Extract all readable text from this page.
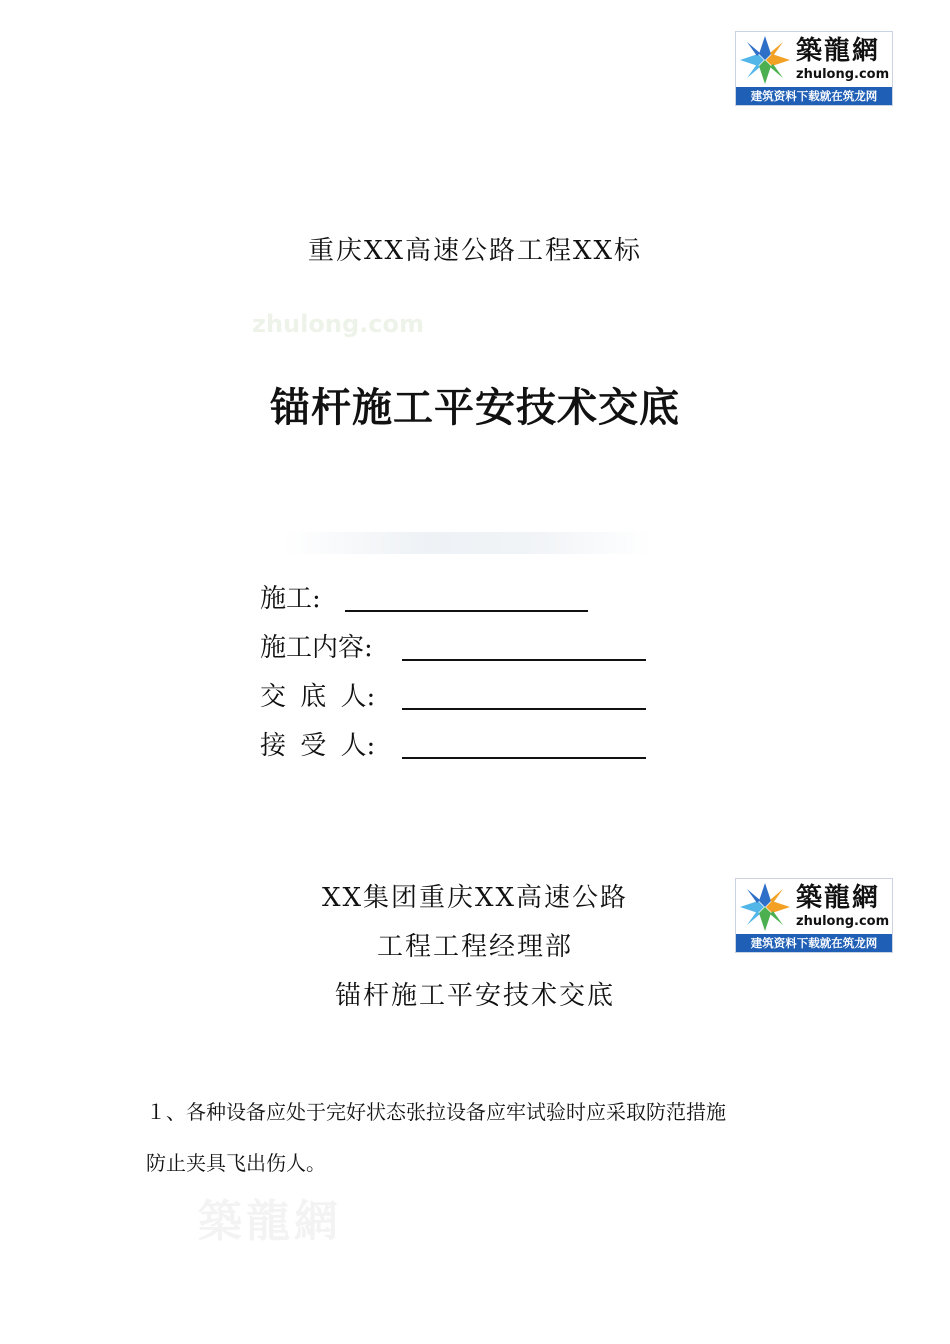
築龍網
zhulong.com
建筑资料下载就在筑龙网
zhulong.com
築龍網
重庆XX高速公路工程XX标
锚杆施工平安技术交底
施工:
施工内容:
交 底 人:
接 受 人:
築龍網
zhulong.com
建筑资料下载就在筑龙网
XX集团重庆XX高速公路
工程工程经理部
锚杆施工平安技术交底
１、各种设备应处于完好状态张拉设备应牢试验时应采取防范措施
防止夹具飞出伤人。
